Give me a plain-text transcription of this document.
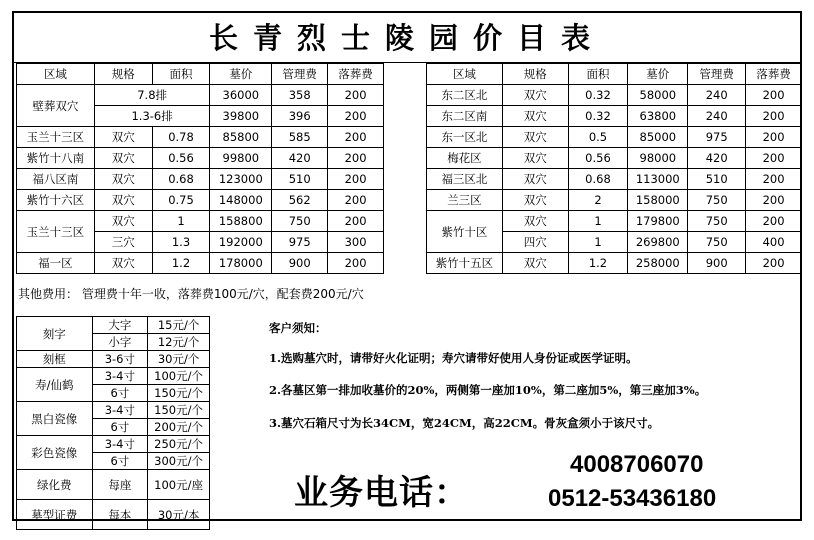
长青烈士陵园价目表
区域	规格	面积	墓价	管理费	落葬费
壁葬双穴	7.8排		36000	358	200
	1.3-6排		39800	396	200
玉兰十三区	双穴	0.78	85800	585	200
紫竹十八南	双穴	0.56	99800	420	200
福八区南	双穴	0.68	123000	510	200
紫竹十六区	双穴	0.75	148000	562	200
玉兰十三区	双穴	1	158800	750	200
	三穴	1.3	192000	975	300
福一区	双穴	1.2	178000	900	200
区域	规格	面积	墓价	管理费	落葬费
东二区北	双穴	0.32	58000	240	200
东二区南	双穴	0.32	63800	240	200
东一区北	双穴	0.5	85000	975	200
梅花区	双穴	0.56	98000	420	200
福三区北	双穴	0.68	113000	510	200
兰三区	双穴	2	158000	750	200
紫竹十区	双穴	1	179800	750	200
	四穴	1	269800	750	400
紫竹十五区	双穴	1.2	258000	900	200
其他费用： 管理费十年一收，落葬费100元/穴，配套费200元/穴
刻字	大字	15元/个
	小字	12元/个
刻框	3-6寸	30元/个
寿/仙鹤	3-4寸	100元/个
	6寸	150元/个
黑白瓷像	3-4寸	150元/个
	6寸	200元/个
彩色瓷像	3-4寸	250元/个
	6寸	300元/个
绿化费	每座	100元/座
墓型证费	每本	30元/本
客户须知：
1.选购墓穴时，请带好火化证明；寿穴请带好使用人身份证或医学证明。
2.各墓区第一排加收墓价的20%，两侧第一座加10%，第二座加5%，第三座加3%。
3.墓穴石箱尺寸为长34CM，宽24CM，高22CM。骨灰盒须小于该尺寸。
业务电话：
4008706070
0512-53436180
